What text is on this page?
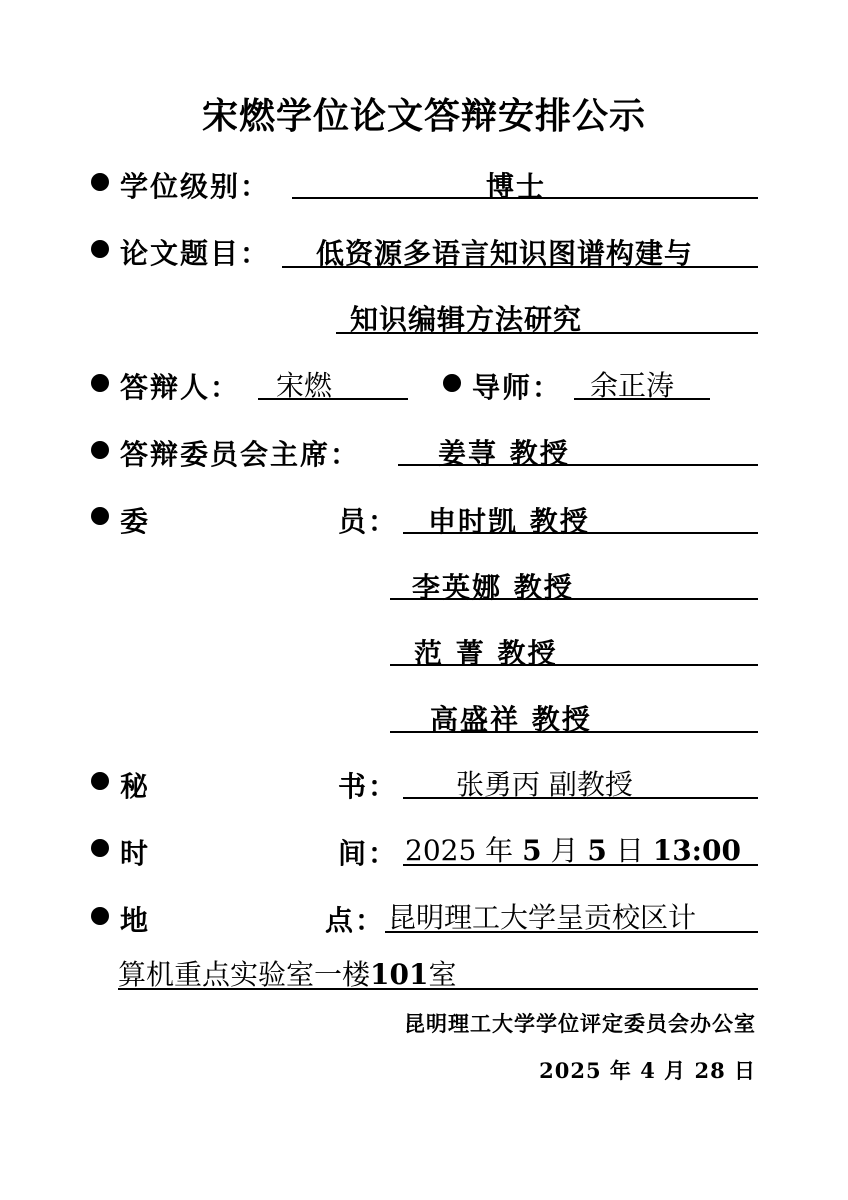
宋燃学位论文答辩安排公示
学位级别：	博士
论文题目： 低资源多语言知识图谱构建与
知识编辑方法研究
答辩人： 宋燃	导师： 余正涛
答辩委员会主席：	姜荨 教授
委	员： 申时凯 教授
李英娜 教授
范 菁 教授
高盛祥 教授
秘	书： 张勇丙 副教授
时	间： 2025 年 5 月 5 日 13:00
地	点： 昆明理工大学呈贡校区计
算机重点实验室一楼101室
昆明理工大学学位评定委员会办公室
2025 年 4 月 28 日
